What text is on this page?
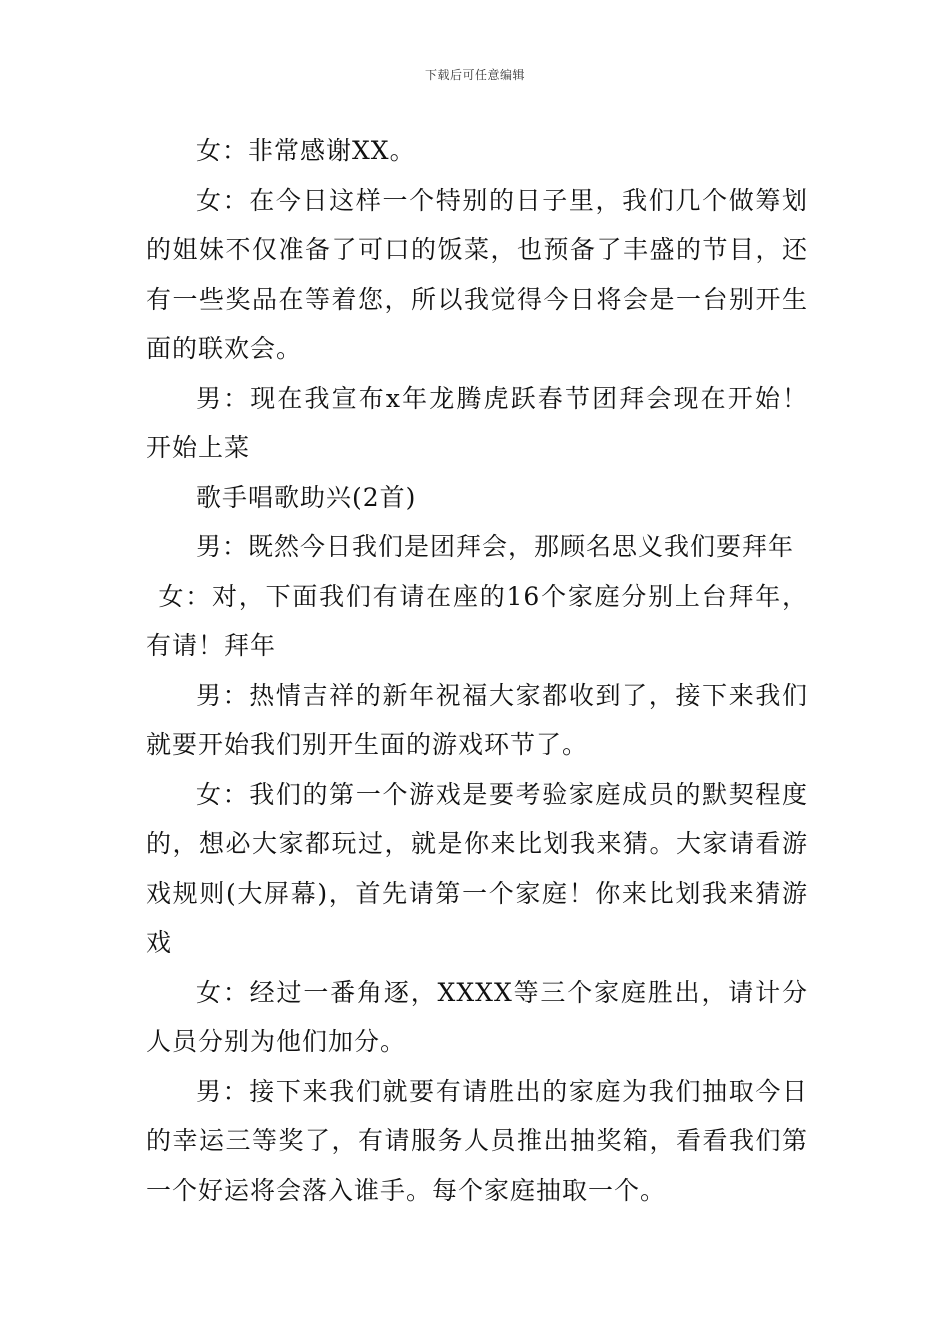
下载后可任意编辑

女：非常感谢XX。

女：在今日这样一个特别的日子里，我们几个做筹划的姐妹不仅准备了可口的饭菜，也预备了丰盛的节目，还有一些奖品在等着您，所以我觉得今日将会是一台别开生面的联欢会。

男：现在我宣布x年龙腾虎跃春节团拜会现在开始！开始上菜

歌手唱歌助兴(2首)

男：既然今日我们是团拜会，那顾名思义我们要拜年

女：对，下面我们有请在座的16个家庭分别上台拜年，有请！拜年

男：热情吉祥的新年祝福大家都收到了，接下来我们就要开始我们别开生面的游戏环节了。

女：我们的第一个游戏是要考验家庭成员的默契程度的，想必大家都玩过，就是你来比划我来猜。大家请看游戏规则(大屏幕)，首先请第一个家庭！你来比划我来猜游戏

女：经过一番角逐，XXXX等三个家庭胜出，请计分人员分别为他们加分。

男：接下来我们就要有请胜出的家庭为我们抽取今日的幸运三等奖了，有请服务人员推出抽奖箱，看看我们第一个好运将会落入谁手。每个家庭抽取一个。
